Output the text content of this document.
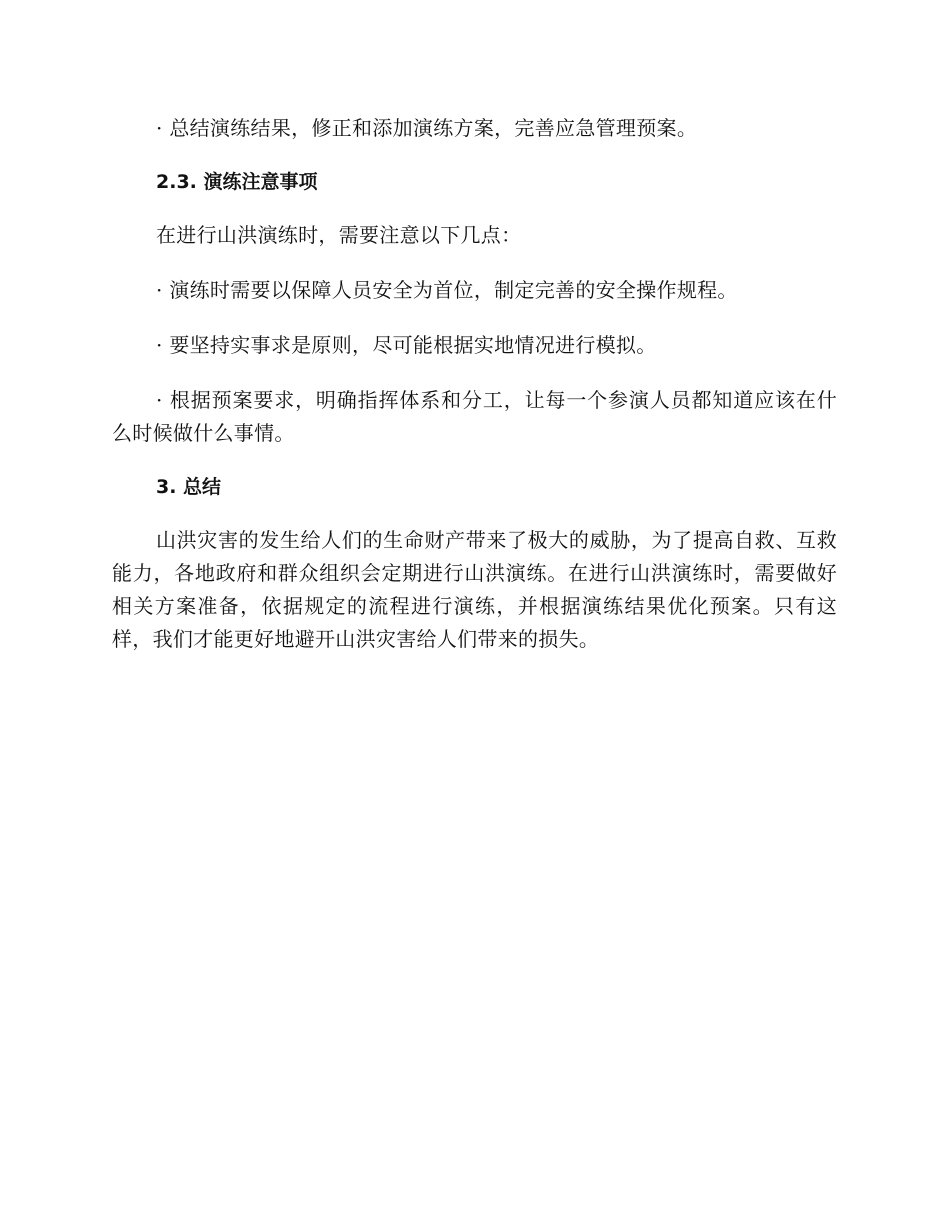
· 总结演练结果，修正和添加演练方案，完善应急管理预案。

2.3. 演练注意事项

在进行山洪演练时，需要注意以下几点：

· 演练时需要以保障人员安全为首位，制定完善的安全操作规程。

· 要坚持实事求是原则，尽可能根据实地情况进行模拟。

· 根据预案要求，明确指挥体系和分工，让每一个参演人员都知道应该在什么时候做什么事情。

3. 总结

山洪灾害的发生给人们的生命财产带来了极大的威胁，为了提高自救、互救能力，各地政府和群众组织会定期进行山洪演练。在进行山洪演练时，需要做好相关方案准备，依据规定的流程进行演练，并根据演练结果优化预案。只有这样，我们才能更好地避开山洪灾害给人们带来的损失。
